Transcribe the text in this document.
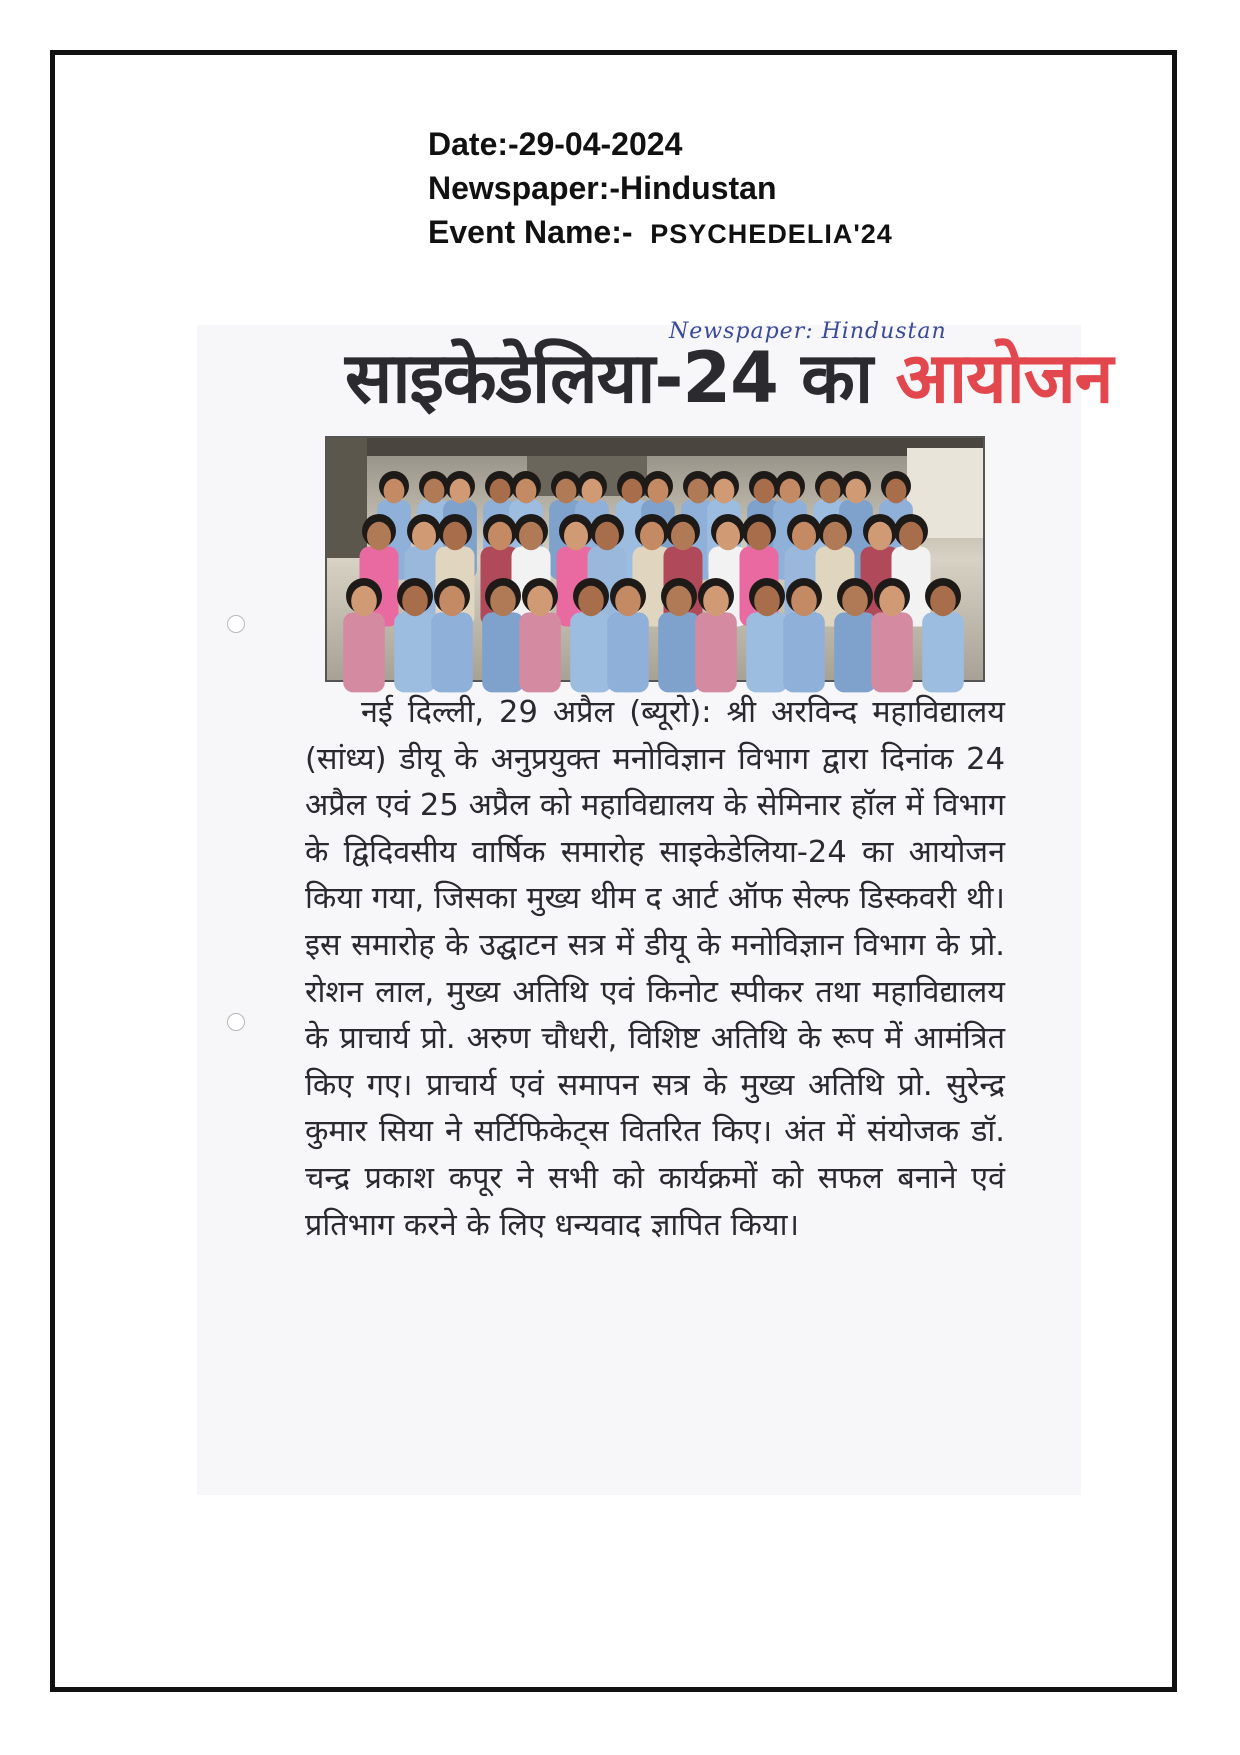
Date:-29-04-2024
Newspaper:-Hindustan
Event Name:- PSYCHEDELIA'24
Newspaper: Hindustan
साइकेडेलिया-24 का आयोजन
नई दिल्ली, 29 अप्रैल (ब्यूरो): श्री अरविन्द महाविद्यालय (सांध्य) डीयू के अनुप्रयुक्त मनोविज्ञान विभाग द्वारा दिनांक 24 अप्रैल एवं 25 अप्रैल को महाविद्यालय के सेमिनार हॉल में विभाग के द्विदिवसीय वार्षिक समारोह साइकेडेलिया-24 का आयोजन किया गया, जिसका मुख्य थीम द आर्ट ऑफ सेल्फ डिस्कवरी थी। इस समारोह के उद्घाटन सत्र में डीयू के मनोविज्ञान विभाग के प्रो. रोशन लाल, मुख्य अतिथि एवं किनोट स्पीकर तथा महाविद्यालय के प्राचार्य प्रो. अरुण चौधरी, विशिष्ट अतिथि के रूप में आमंत्रित किए गए। प्राचार्य एवं समापन सत्र के मुख्य अतिथि प्रो. सुरेन्द्र कुमार सिया ने सर्टिफिकेट्स वितरित किए। अंत में संयोजक डॉ. चन्द्र प्रकाश कपूर ने सभी को कार्यक्रमों को सफल बनाने एवं प्रतिभाग करने के लिए धन्यवाद ज्ञापित किया।
